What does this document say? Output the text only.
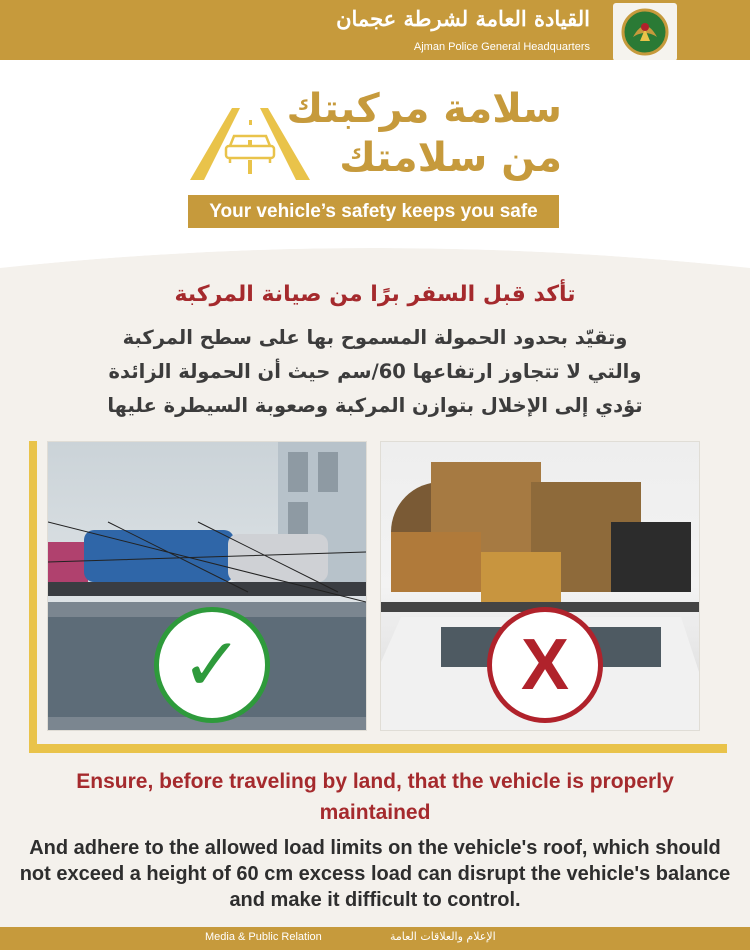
القيادة العامة لشرطة عجمان
Ajman Police General Headquarters
سلامة مركبتك
من سلامتك
Your vehicle’s safety keeps you safe
تأكد قبل السفر برًا من صيانة المركبة
وتقيّد بحدود الحمولة المسموح بها على سطح المركبة
والتي لا تتجاوز ارتفاعها 60/سم حيث أن الحمولة الزائدة
تؤدي إلى الإخلال بتوازن المركبة وصعوبة السيطرة عليها
✓	X
Ensure, before traveling by land, that the vehicle is properly maintained
And adhere to the allowed load limits on the vehicle's roof, which should not exceed a height of 60 cm excess load can disrupt the vehicle's balance and make it difficult to control.
Media & Public Relation	الإعلام والعلاقات العامة
